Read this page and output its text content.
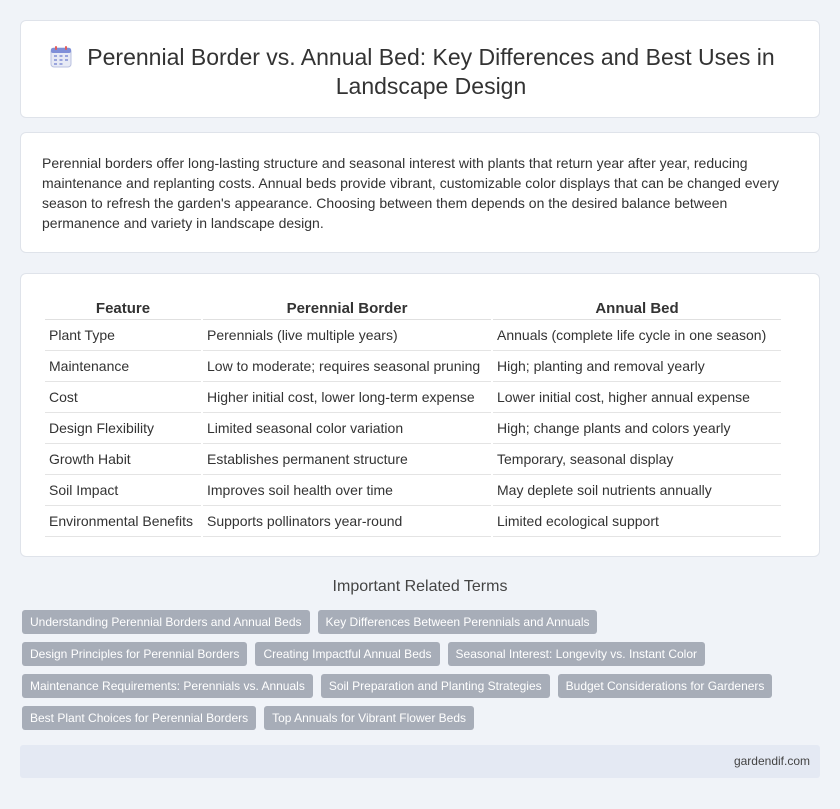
Perennial Border vs. Annual Bed: Key Differences and Best Uses in Landscape Design

Perennial borders offer long-lasting structure and seasonal interest with plants that return year after year, reducing maintenance and replanting costs. Annual beds provide vibrant, customizable color displays that can be changed every season to refresh the garden's appearance. Choosing between them depends on the desired balance between permanence and variety in landscape design.

Feature	Perennial Border	Annual Bed
Plant Type	Perennials (live multiple years)	Annuals (complete life cycle in one season)
Maintenance	Low to moderate; requires seasonal pruning	High; planting and removal yearly
Cost	Higher initial cost, lower long-term expense	Lower initial cost, higher annual expense
Design Flexibility	Limited seasonal color variation	High; change plants and colors yearly
Growth Habit	Establishes permanent structure	Temporary, seasonal display
Soil Impact	Improves soil health over time	May deplete soil nutrients annually
Environmental Benefits	Supports pollinators year-round	Limited ecological support
Important Related Terms
Understanding Perennial Borders and Annual Beds	Key Differences Between Perennials and Annuals
Design Principles for Perennial Borders	Creating Impactful Annual Beds	Seasonal Interest: Longevity vs. Instant Color
Maintenance Requirements: Perennials vs. Annuals	Soil Preparation and Planting Strategies	Budget Considerations for Gardeners
Best Plant Choices for Perennial Borders	Top Annuals for Vibrant Flower Beds
gardendif.com
